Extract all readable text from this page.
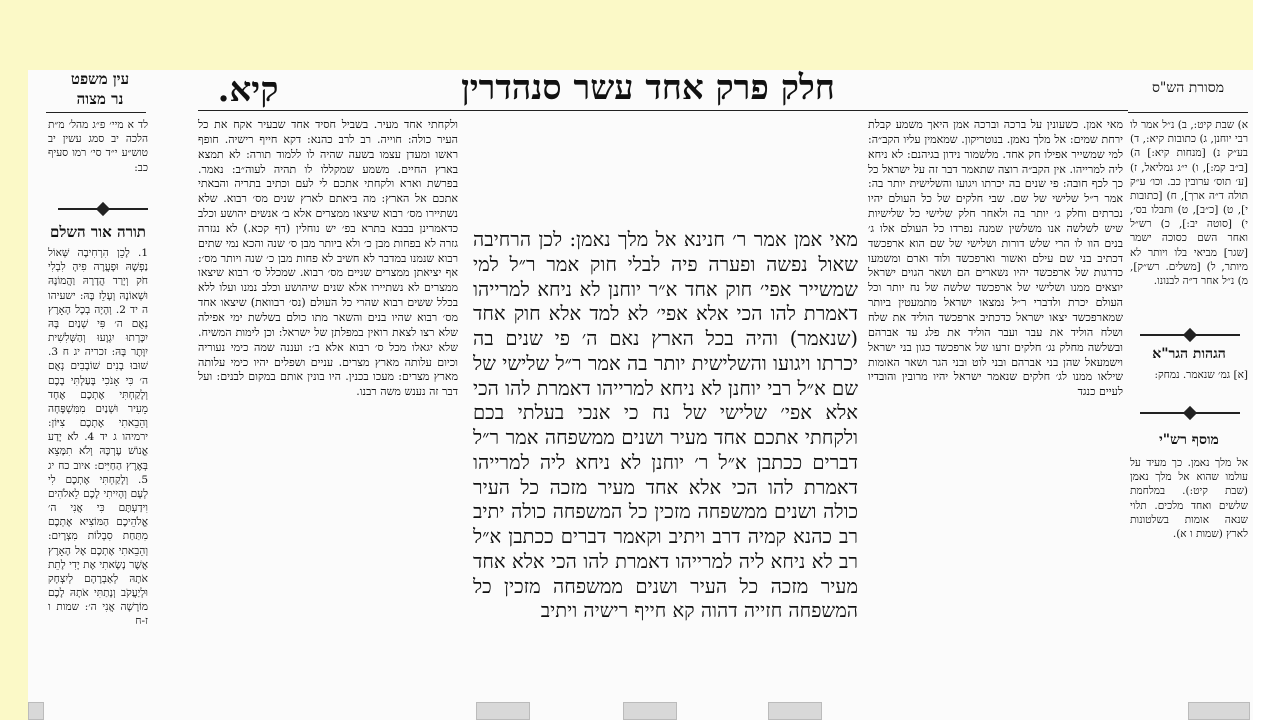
עין משפט
נר מצוה	קיא.	חלק פרק אחד עשר סנהדרין	מסורת הש"ס
לד א מיי׳ פ״ג מהל׳ מ״ת הלכה יב סמג עשין יב טוש״ע י״ד סי׳ רמו סעיף כב:
תורה אור השלם
1. לָכֵן הִרְחִיבָה שְּׁאוֹל נַפְשָׁהּ וּפָעֲרָה פִיהָ לִבְלִי חֹק וְיָרַד הֲדָרָהּ וַהֲמוֹנָהּ וּשְׁאוֹנָהּ וְעָלֵז בָּהּ: ישעיהו ה יד 2. וְהָיָה בְכָל הָאָרֶץ נְאֻם ה׳ פִּי שְׁנַיִם בָּהּ יִכָּרְתוּ יִגְוָעוּ וְהַשְּׁלִשִׁית יִוָּתֶר בָּהּ: זכריה יג ח 3. שׁוּבוּ בָנִים שׁוֹבָבִים נְאֻם ה׳ כִּי אָנֹכִי בָּעַלְתִּי בָכֶם וְלָקַחְתִּי אֶתְכֶם אֶחָד מֵעִיר וּשְׁנַיִם מִמִּשְׁפָּחָה וְהֵבֵאתִי אֶתְכֶם צִיּוֹן: ירמיהו ג יד 4. לֹא יָדַע אֱנוֹשׁ עֶרְכָּהּ וְלֹא תִמָּצֵא בְּאֶרֶץ הַחַיִּים: איוב כח יג 5. וְלָקַחְתִּי אֶתְכֶם לִי לְעָם וְהָיִיתִי לָכֶם לֵאלֹהִים וִידַעְתֶּם כִּי אֲנִי ה׳ אֱלֹהֵיכֶם הַמּוֹצִיא אֶתְכֶם מִתַּחַת סִבְלוֹת מִצְרָיִם: וְהֵבֵאתִי אֶתְכֶם אֶל הָאָרֶץ אֲשֶׁר נָשָׂאתִי אֶת יָדִי לָתֵת אֹתָהּ לְאַבְרָהָם לְיִצְחָק וּלְיַעֲקֹב וְנָתַתִּי אֹתָהּ לָכֶם מוֹרָשָׁה אֲנִי ה׳: שמות ו ז-ח
ולקחתי אחד מעיר. בשביל חסיד אחד שבעיר אקח את כל העיר כולה: חוייה. רב לרב כהנא: דקא חייף רישיה. חופף ראשו ומעדן עצמו בשעה שהיה לו ללמוד תורה: לא תמצא בארץ החיים. משמע שמקללו לו תהיה לעוה״ב: נאמר. בפרשת וארא ולקחתי אתכם לי לעם וכתיב בתריה והבאתי אתכם אל הארץ: מה ביאתם לארץ שנים מס׳ רבוא. שלא נשתיירו מס׳ רבוא שיצאו ממצרים אלא ב׳ אנשים יהושע וכלב כדאמרינן בבבא בתרא בפ׳ יש נוחלין (דף קכא.) לא נגזרה גזרה לא בפחות מבן כ׳ ולא ביותר מבן ס׳ שנה והכא נמי שתים רבוא שנמנו במדבר לא חשיב לא פחות מבן כ׳ שנה ויותר מס׳: אף יציאתן ממצרים שניים מס׳ רבוא. שמכלל ס׳ רבוא שיצאו ממצרים לא נשתיירו אלא שנים שיהושע וכלב נמנו ועלו ללא בכלל ששים רבוא שהרי כל העולם (נס׳ רבוואת) שיצאו אחד מס׳ רבוא שהיו בנים והשאר מתו כולם בשלשת ימי אפילה שלא רצו לצאת רואין במפלתן של ישראל: וכן לימות המשיח. שלא יגאלו מכל ס׳ רבוא אלא ב׳: ועננה שמה כימי נעוריה וכיום עלותה מארץ מצרים. עניים ושפלים יהיו כימי עלותה מארץ מצרים: מעכו בכנין. היו בונין אותם במקום לבנים: ועל דבר זה נענש משה רבנו.
מאי אמן אמר ר׳ חנינא אל מלך נאמן: לכן הרחיבה שאול נפשה ופערה פיה לבלי חוק אמר ר״ל למי שמשייר אפי׳ חוק אחד א״ר יוחנן לא ניחא למרייהו דאמרת להו הכי אלא אפי׳ לא למד אלא חוק אחד (שנאמר) והיה בכל הארץ נאם ה׳ פי שנים בה יכרתו ויגועו והשלישית יותר בה אמר ר״ל שלישי של שם א״ל רבי יוחנן לא ניחא למרייהו דאמרת להו הכי אלא אפי׳ שלישי של נח כי אנכי בעלתי בכם ולקחתי אתכם אחד מעיר ושנים ממשפחה אמר ר״ל דברים ככתבן א״ל ר׳ יוחנן לא ניחא ליה למרייהו דאמרת להו הכי אלא אחד מעיר מזכה כל העיר כולה ושנים ממשפחה מזכין כל המשפחה כולה יתיב רב כהנא קמיה דרב ויתיב וקאמר דברים ככתבן א״ל רב לא ניחא ליה למרייהו דאמרת להו הכי אלא אחד מעיר מזכה כל העיר ושנים ממשפחה מזכין כל המשפחה חזייה דהוה קא חייף רישיה ויתיב
מאי אמן. כשעונין על ברכה וברכה אמן היאך משמע קבלת ירחת שמים: אל מלך נאמן. בנוטריקון. שמאמין עליו הקב״ה: למי שמשייר אפילו חק אחד. מלשמור נידון בגיהנם: לא ניחא ליה למרייהו. אין הקב״ה רוצה שתאמר דבר זה על ישראל כל כך לכף חובה: פי שנים בה יכרתו ויגועו והשלישית יותר בה: אמר ר״ל שלישי של שם. שבי חלקים של כל העולם יהיו נכרתים וחלק ג׳ יותר בה ולאחר חלק שלישי כל שלישיות שיש לשלשה אנו משלשין שמנה נפרדו כל העולם אלו ג׳ בנים הוו לו הרי שלש דורות ושלישי של שם הוא ארפכשד דכתיב בני שם עילם ואשור וארפכשד ולוד וארם ומשמעו כדרגות של ארפכשד יהיו נשארים הם ושאר הגוים ישראל יוצאים ממנו ושלישי של ארפכשד שלשה של נח יותר וכל העולם יכרת ולדברי ר״ל נמצאו ישראל מתמעטין ביותר שמארפכשד יצאו ישראל כדכתיב ארפכשד הוליד את שלח ושלח הוליד את עבר ועבר הוליד את פלג עד אברהם ובשלשה מחלק נג׳ חלקים זרעו של ארפכשד כגון בני ישראל וישמעאל שהן בני אברהם ובני לוט ובני הגר ושאר האומות שילאו ממנו לג׳ חלקים שנאמר ישראל יהיו מרובין והובדיו לעיים כנגד
א) שבת קיט:, ב) נ״ל אמר לו רבי יוחנן, ג) כתובות קיא:, ד) בע״ק נ) [מנחות קיא:] ה) [ב״ב קמ:], ו) י״ג גמליאל, ז) [ע׳ תוס׳ ערובין כב. וכו׳ ע״ק תולה ד״ה ארך], ח) [כתובות י], ט) [כ״ב], ט) ותבלו בס׳, י) [סוטה יב:], כ) רש״ל ואחר השם כסוכה ישמר [שגר] מביאי בלו ויותר לא מיותר, ל) [משלים. רש״ק], מ) נ״ל אחר ד״ה לבנונו.
הגהות הגר"א
[א] גמ׳ שנאמר. נמחק:
מוסף רש"י
אל מלך נאמן. כך מעיד על עולמו שהוא אל מלך נאמן (שבת קיט:). במלחמת שלשים ואחד מלכים. תלוי שנאה אומות בשלטונות לארץ (שמות ו א).
